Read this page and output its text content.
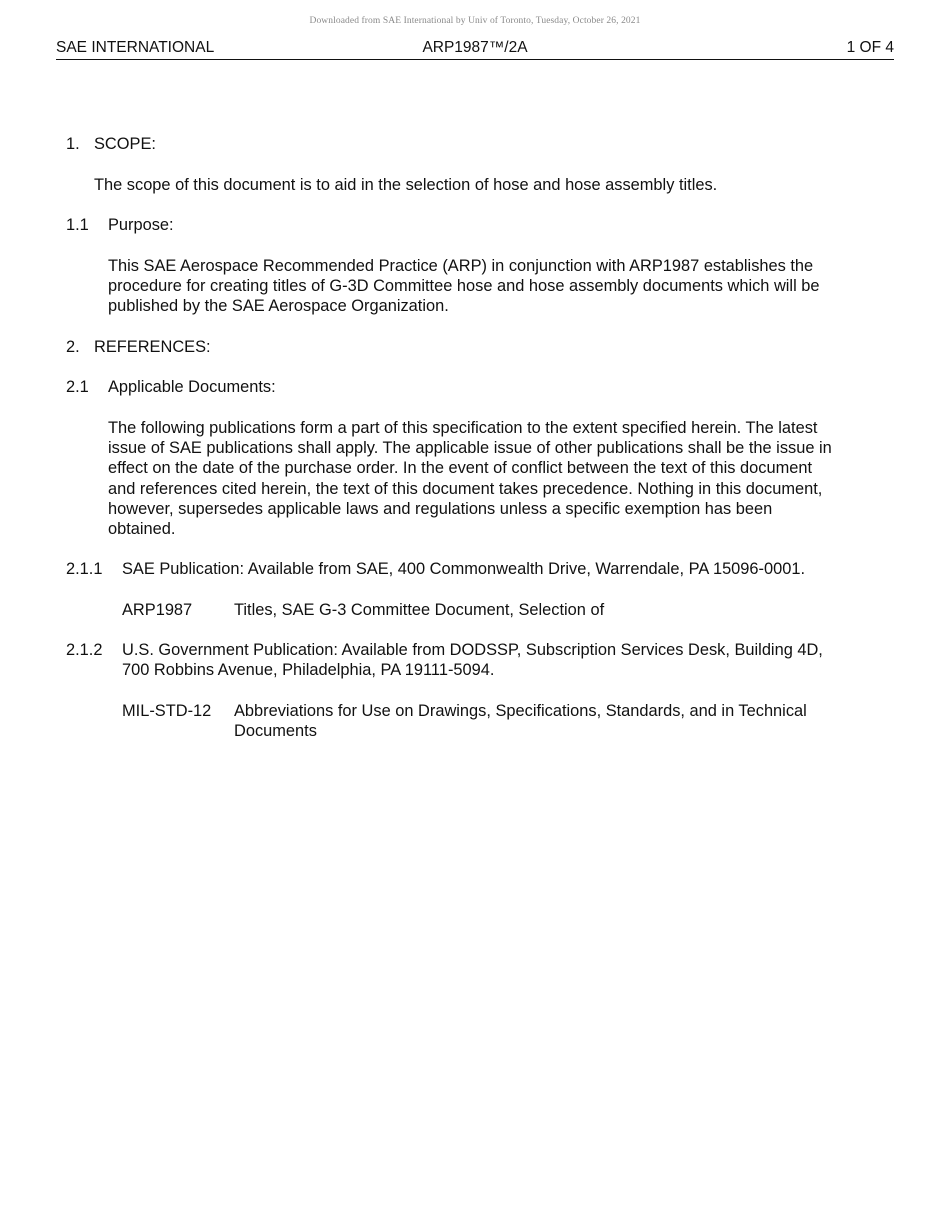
Downloaded from SAE International by Univ of Toronto, Tuesday, October 26, 2021
SAE INTERNATIONAL	ARP1987™/2A	1 OF 4
1. SCOPE:
The scope of this document is to aid in the selection of hose and hose assembly titles.
1.1 Purpose:
This SAE Aerospace Recommended Practice (ARP) in conjunction with ARP1987 establishes the
procedure for creating titles of G-3D Committee hose and hose assembly documents which will be
published by the SAE Aerospace Organization.
2. REFERENCES:
2.1 Applicable Documents:
The following publications form a part of this specification to the extent specified herein. The latest
issue of SAE publications shall apply. The applicable issue of other publications shall be the issue in
effect on the date of the purchase order. In the event of conflict between the text of this document
and references cited herein, the text of this document takes precedence. Nothing in this document,
however, supersedes applicable laws and regulations unless a specific exemption has been
obtained.
2.1.1 SAE Publication: Available from SAE, 400 Commonwealth Drive, Warrendale, PA 15096-0001.
ARP1987	Titles, SAE G-3 Committee Document, Selection of
2.1.2 U.S. Government Publication: Available from DODSSP, Subscription Services Desk, Building 4D,
700 Robbins Avenue, Philadelphia, PA 19111-5094.
MIL-STD-12 Abbreviations for Use on Drawings, Specifications, Standards, and in Technical
Documents
